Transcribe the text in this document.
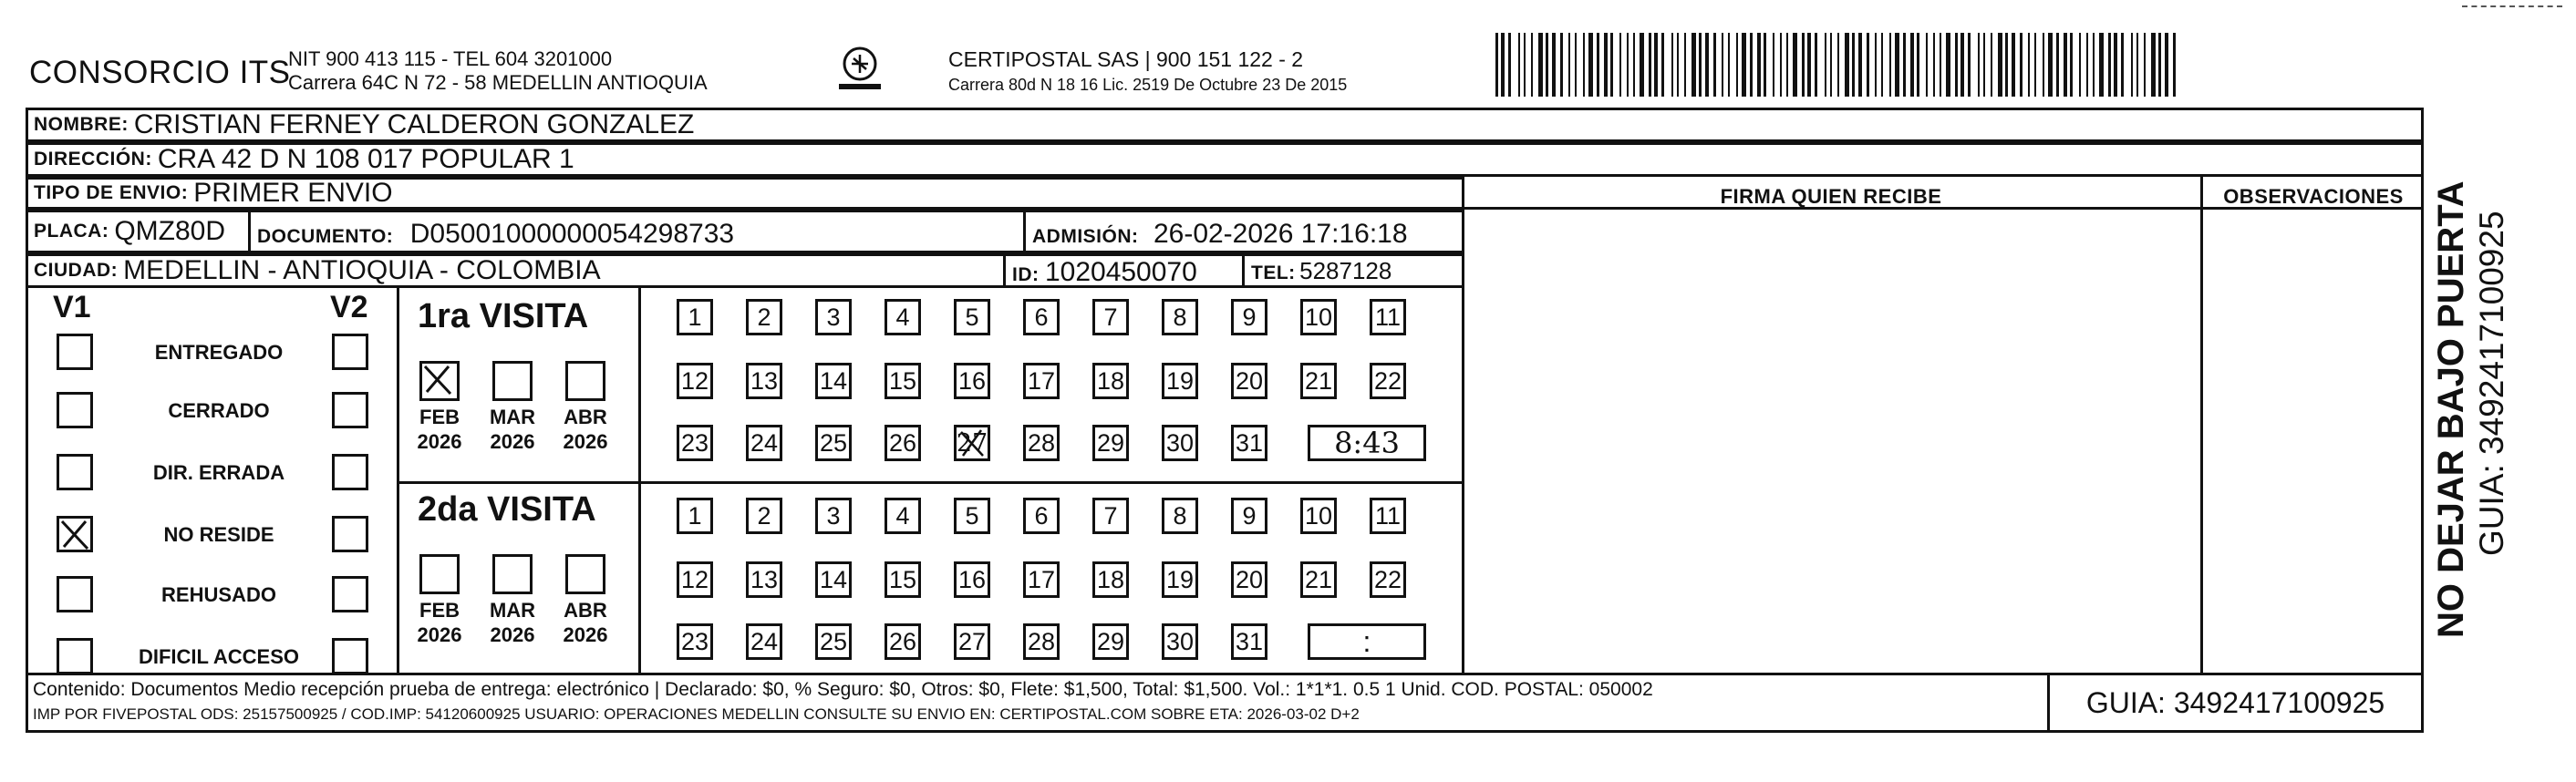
CONSORCIO ITS
NIT 900 413 115 - TEL 604 3201000
Carrera 64C N 72 - 58 MEDELLIN ANTIOQUIA
CERTIPOSTAL SAS | 900 151 122 - 2
Carrera 80d N 18 16 Lic. 2519 De Octubre 23 De 2015
NOMBRE: CRISTIAN FERNEY CALDERON GONZALEZ
DIRECCIÓN: CRA 42 D N 108 017 POPULAR 1
TIPO DE ENVIO: PRIMER ENVIO
PLACA: QMZ80D DOCUMENTO: D05001000000054298733	ADMISIÓN: 26-02-2026 17:16:18
CIUDAD: MEDELLIN - ANTIOQUIA - COLOMBIA	ID: 1020450070	TEL: 5287128
FIRMA QUIEN RECIBE	OBSERVACIONES
V1	V2
ENTREGADO
CERRADO
DIR. ERRADA
NO RESIDE
REHUSADO
DIFICIL ACCESO
1ra VISITA
FEB
2026
MAR
2026
ABR
2026
1	2	3	4	5	6	7	8	9	10 11
12 13 14 15 16 17 18 19 20 21 22
23 24 25 26 27 28 29 30 31	8:43
2da VISITA
FEB
2026
MAR
2026
ABR
2026
1	2	3	4	5	6	7	8	9	10 11
12 13 14 15 16 17 18 19 20 21 22
23 24 25 26 27 28 29 30 31	:
Contenido: Documentos Medio recepción prueba de entrega: electrónico | Declarado: $0, % Seguro: $0, Otros: $0, Flete: $1,500, Total: $1,500. Vol.: 1*1*1. 0.5 1 Unid. COD. POSTAL: 050002
IMP POR FIVEPOSTAL ODS: 25157500925 / COD.IMP: 54120600925 USUARIO: OPERACIONES MEDELLIN CONSULTE SU ENVIO EN: CERTIPOSTAL.COM SOBRE ETA: 2026-03-02 D+2	GUIA: 3492417100925
NO DEJAR BAJO PUERTA GUIA: 3492417100925
